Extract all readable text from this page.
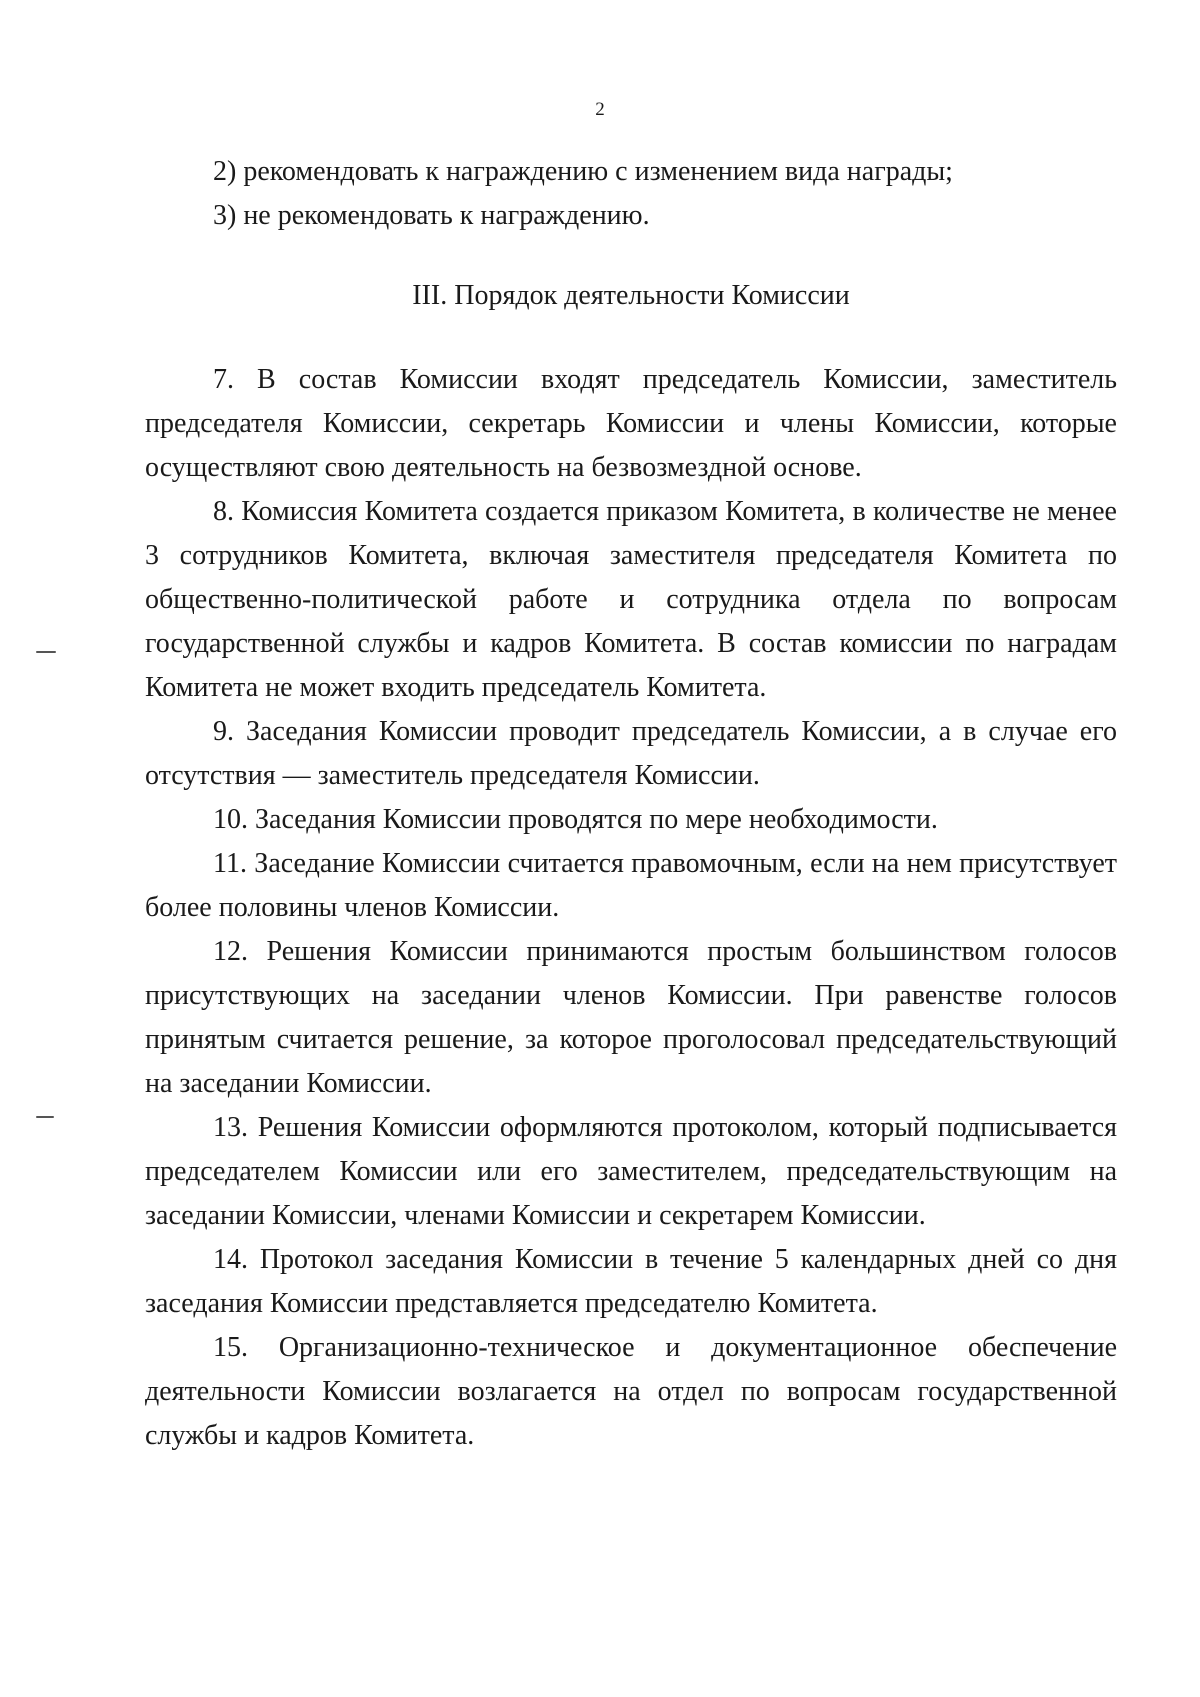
2

2) рекомендовать к награждению с изменением вида награды;

3) не рекомендовать к награждению.

III. Порядок деятельности Комиссии

7. В состав Комиссии входят председатель Комиссии, заместитель председателя Комиссии, секретарь Комиссии и члены Комиссии, которые осуществляют свою деятельность на безвозмездной основе.

8. Комиссия Комитета создается приказом Комитета, в количестве не менее 3 сотрудников Комитета, включая заместителя председателя Комитета по общественно-политической работе и сотрудника отдела по вопросам государственной службы и кадров Комитета. В состав комиссии по наградам Комитета не может входить председатель Комитета.

9. Заседания Комиссии проводит председатель Комиссии, а в случае его отсутствия — заместитель председателя Комиссии.

10. Заседания Комиссии проводятся по мере необходимости.

11. Заседание Комиссии считается правомочным, если на нем присутствует более половины членов Комиссии.

12. Решения Комиссии принимаются простым большинством голосов присутствующих на заседании членов Комиссии. При равенстве голосов принятым считается решение, за которое проголосовал председательствующий на заседании Комиссии.

13. Решения Комиссии оформляются протоколом, который подписывается председателем Комиссии или его заместителем, председательствующим на заседании Комиссии, членами Комиссии и секретарем Комиссии.

14. Протокол заседания Комиссии в течение 5 календарных дней со дня заседания Комиссии представляется председателю Комитета.

15. Организационно-техническое и документационное обеспечение деятельности Комиссии возлагается на отдел по вопросам государственной службы и кадров Комитета.
